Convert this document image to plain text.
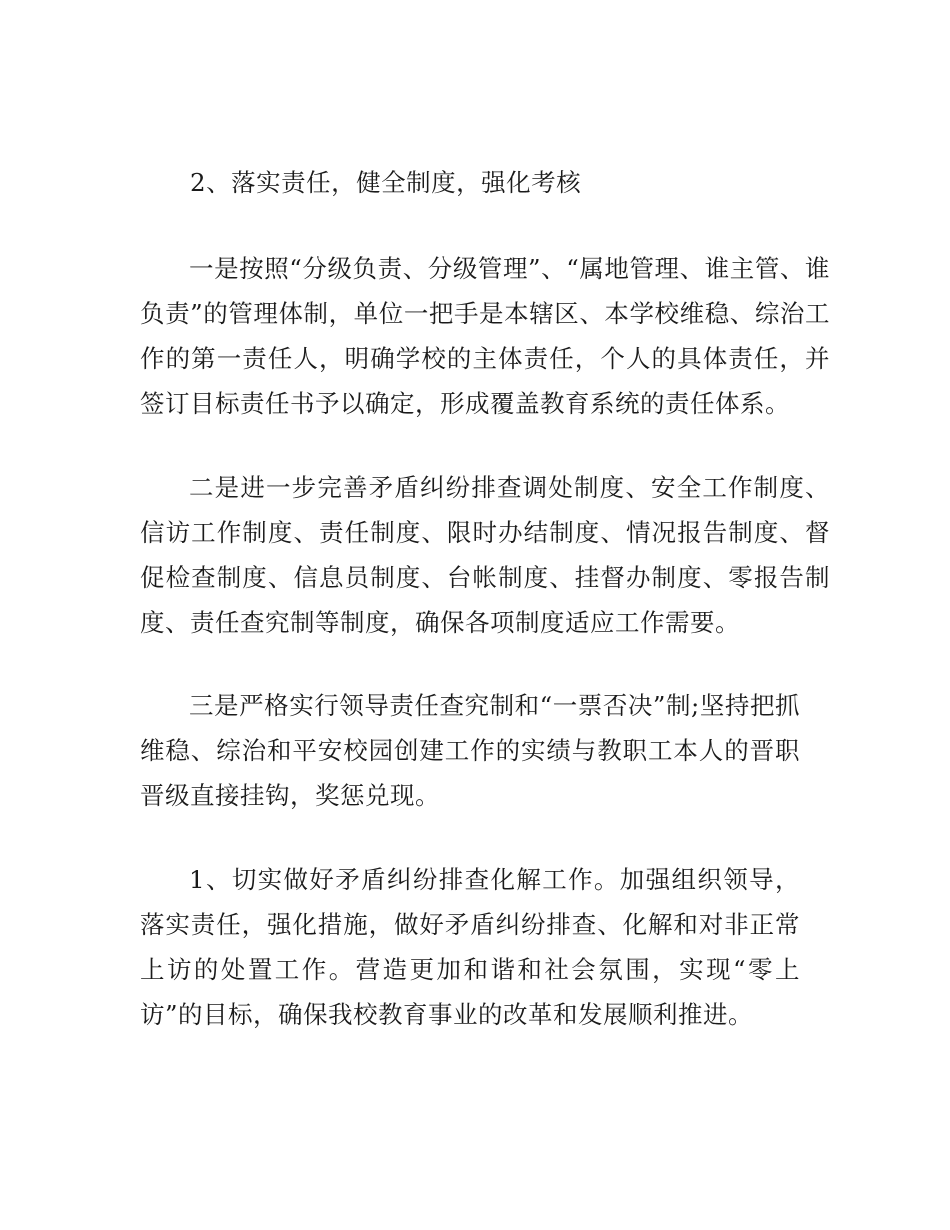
2、落实责任，健全制度，强化考核

一是按照“分级负责、分级管理”、“属地管理、谁主管、谁负责”的管理体制，单位一把手是本辖区、本学校维稳、综治工作的第一责任人，明确学校的主体责任，个人的具体责任，并签订目标责任书予以确定，形成覆盖教育系统的责任体系。

二是进一步完善矛盾纠纷排查调处制度、安全工作制度、信访工作制度、责任制度、限时办结制度、情况报告制度、督促检查制度、信息员制度、台帐制度、挂督办制度、零报告制度、责任查究制等制度，确保各项制度适应工作需要。

三是严格实行领导责任查究制和“一票否决”制;坚持把抓维稳、综治和平安校园创建工作的实绩与教职工本人的晋职晋级直接挂钩，奖惩兑现。

1、切实做好矛盾纠纷排查化解工作。加强组织领导，落实责任，强化措施，做好矛盾纠纷排查、化解和对非正常上访的处置工作。营造更加和谐和社会氛围，实现“零上访”的目标，确保我校教育事业的改革和发展顺利推进。
